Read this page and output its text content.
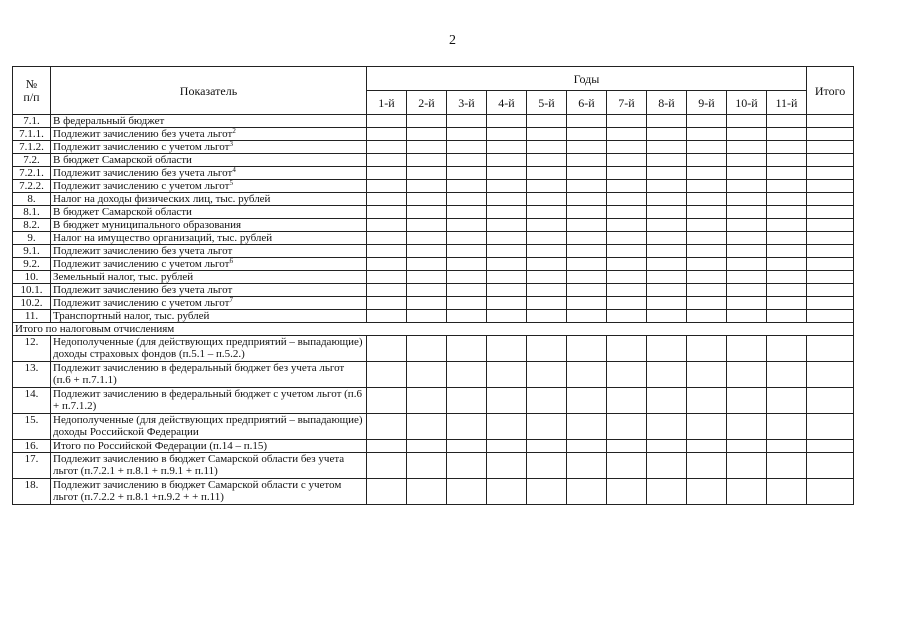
2
№
п/п	Показатель	Годы											Итого
		1-й	2-й	3-й	4-й	5-й	6-й	7-й	8-й	9-й	10-й	11-й	
7.1.	В федеральный бюджет												
7.1.1.	Подлежит зачислению без учета льгот$^2$												
7.1.2.	Подлежит зачислению с учетом льгот$^3$												
7.2.	В бюджет Самарской области												
7.2.1.	Подлежит зачислению без учета льгот$^4$												
7.2.2.	Подлежит зачислению с учетом льгот$^5$												
8.	Налог на доходы физических лиц, тыс. рублей												
8.1.	В бюджет Самарской области												
8.2.	В бюджет муниципального образования												
9.	Налог на имущество организаций, тыс. рублей												
9.1.	Подлежит зачислению без учета льгот												
9.2.	Подлежит зачислению с учетом льгот$^6$												
10.	Земельный налог, тыс. рублей												
10.1.	Подлежит зачислению без учета льгот												
10.2.	Подлежит зачислению с учетом льгот$^7$												
11.	Транспортный налог, тыс. рублей												
Итого по налоговым отчислениям													
12.	Недополученные (для действующих предприятий – выпадающие) доходы страховых фондов (п.5.1 – п.5.2.)												
13.	Подлежит зачислению в федеральный бюджет без учета льгот (п.6 + п.7.1.1)												
14.	Подлежит зачислению в федеральный бюджет с учетом льгот (п.6 + п.7.1.2)												
15.	Недополученные (для действующих предприятий – выпадающие) доходы Российской Федерации												
16.	Итого по Российской Федерации (п.14 – п.15)												
17.	Подлежит зачислению в бюджет Самарской области без учета льгот (п.7.2.1 + п.8.1 + п.9.1 + п.11)												
18.	Подлежит зачислению в бюджет Самарской области с учетом льгот (п.7.2.2 + п.8.1 +п.9.2 + + п.11)												
